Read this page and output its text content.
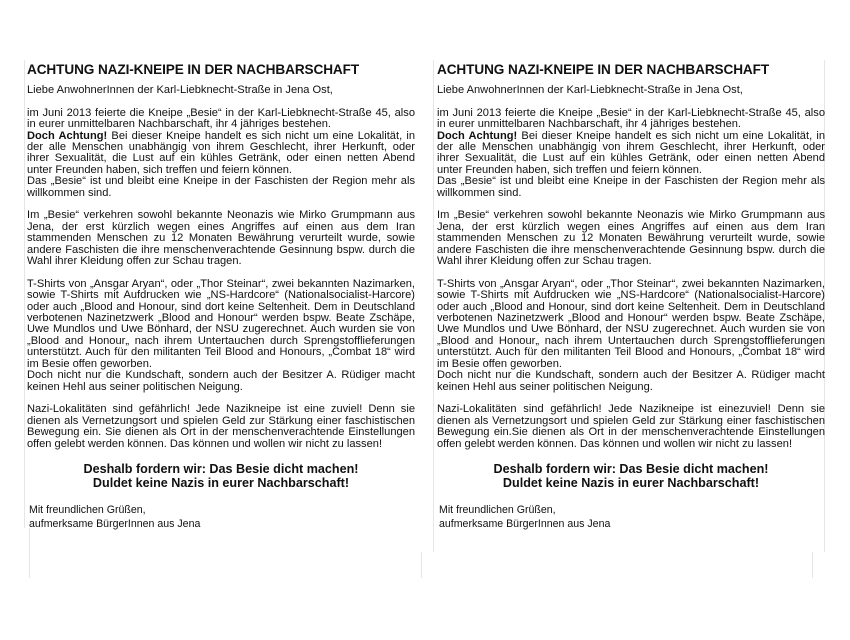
ACHTUNG NAZI-KNEIPE IN DER NACHBARSCHAFT

Liebe AnwohnerInnen der Karl-Liebknecht-Straße in Jena Ost,

im Juni 2013 feierte die Kneipe „Besie“ in der Karl-Liebknecht-Straße 45, also in eurer unmittelbaren Nachbarschaft, ihr 4 jähriges bestehen.

Doch Achtung! Bei dieser Kneipe handelt es sich nicht um eine Lokalität, in der alle Menschen unabhängig von ihrem Geschlecht, ihrer Herkunft, oder ihrer Sexualität, die Lust auf ein kühles Getränk, oder einen netten Abend unter Freunden haben, sich treffen und feiern können.

Das „Besie“ ist und bleibt eine Kneipe in der Faschisten der Region mehr als willkommen sind.

Im „Besie“ verkehren sowohl bekannte Neonazis wie Mirko Grumpmann aus Jena, der erst kürzlich wegen eines Angriffes auf einen aus dem Iran stammenden Menschen zu 12 Monaten Bewährung verurteilt wurde, sowie andere Faschisten die ihre menschenverachtende Gesinnung bspw. durch die Wahl ihrer Kleidung offen zur Schau tragen.

T-Shirts von „Ansgar Aryan“, oder „Thor Steinar“, zwei bekannten Nazimarken, sowie T-Shirts mit Aufdrucken wie „NS-Hardcore“ (Nationalsocialist-Harcore) oder auch „Blood and Honour, sind dort keine Seltenheit. Dem in Deutschland verbotenen Nazinetzwerk „Blood and Honour“ werden bspw. Beate Zschäpe, Uwe Mundlos und Uwe Bönhard, der NSU zugerechnet. Auch wurden sie von „Blood and Honour„ nach ihrem Untertauchen durch Sprengstofflieferungen unterstützt. Auch für den militanten Teil Blood and Honours, „Combat 18“ wird im Besie offen geworben.

Doch nicht nur die Kundschaft, sondern auch der Besitzer A. Rüdiger macht keinen Hehl aus seiner politischen Neigung.

Nazi-Lokalitäten sind gefährlich! Jede Nazikneipe ist eine zuviel! Denn sie dienen als Vernetzungsort und spielen Geld zur Stärkung einer faschistischen Bewegung ein. Sie dienen als Ort in der menschenverachtende Einstellungen offen gelebt werden können. Das können und wollen wir nicht zu lassen!

Deshalb fordern wir: Das Besie dicht machen!
Duldet keine Nazis in eurer Nachbarschaft!
Mit freundlichen Grüßen,
aufmerksame BürgerInnen aus Jena
ACHTUNG NAZI-KNEIPE IN DER NACHBARSCHAFT

Liebe AnwohnerInnen der Karl-Liebknecht-Straße in Jena Ost,

im Juni 2013 feierte die Kneipe „Besie“ in der Karl-Liebknecht-Straße 45, also in eurer unmittelbaren Nachbarschaft, ihr 4 jähriges bestehen.

Doch Achtung! Bei dieser Kneipe handelt es sich nicht um eine Lokalität, in der alle Menschen unabhängig von ihrem Geschlecht, ihrer Herkunft, oder ihrer Sexualität, die Lust auf ein kühles Getränk, oder einen netten Abend unter Freunden haben, sich treffen und feiern können.

Das „Besie“ ist und bleibt eine Kneipe in der Faschisten der Region mehr als willkommen sind.

Im „Besie“ verkehren sowohl bekannte Neonazis wie Mirko Grumpmann aus Jena, der erst kürzlich wegen eines Angriffes auf einen aus dem Iran stammenden Menschen zu 12 Monaten Bewährung verurteilt wurde, sowie andere Faschisten die ihre menschenverachtende Gesinnung bspw. durch die Wahl ihrer Kleidung offen zur Schau tragen.

T-Shirts von „Ansgar Aryan“, oder „Thor Steinar“, zwei bekannten Nazimarken, sowie T-Shirts mit Aufdrucken wie „NS-Hardcore“ (Nationalsocialist-Harcore) oder auch „Blood and Honour, sind dort keine Seltenheit. Dem in Deutschland verbotenen Nazinetzwerk „Blood and Honour“ werden bspw. Beate Zschäpe, Uwe Mundlos und Uwe Bönhard, der NSU zugerechnet. Auch wurden sie von „Blood and Honour„ nach ihrem Untertauchen durch Sprengstofflieferungen unterstützt. Auch für den militanten Teil Blood and Honours, „Combat 18“ wird im Besie offen geworben.

Doch nicht nur die Kundschaft, sondern auch der Besitzer A. Rüdiger macht keinen Hehl aus seiner politischen Neigung.

Nazi-Lokalitäten sind gefährlich! Jede Nazikneipe ist einezuviel! Denn sie dienen als Vernetzungsort und spielen Geld zur Stärkung einer faschistischen Bewegung ein.Sie dienen als Ort in der menschenverachtende Einstellungen offen gelebt werden können. Das können und wollen wir nicht zu lassen!

Deshalb fordern wir: Das Besie dicht machen!
Duldet keine Nazis in eurer Nachbarschaft!
Mit freundlichen Grüßen,
aufmerksame BürgerInnen aus Jena
